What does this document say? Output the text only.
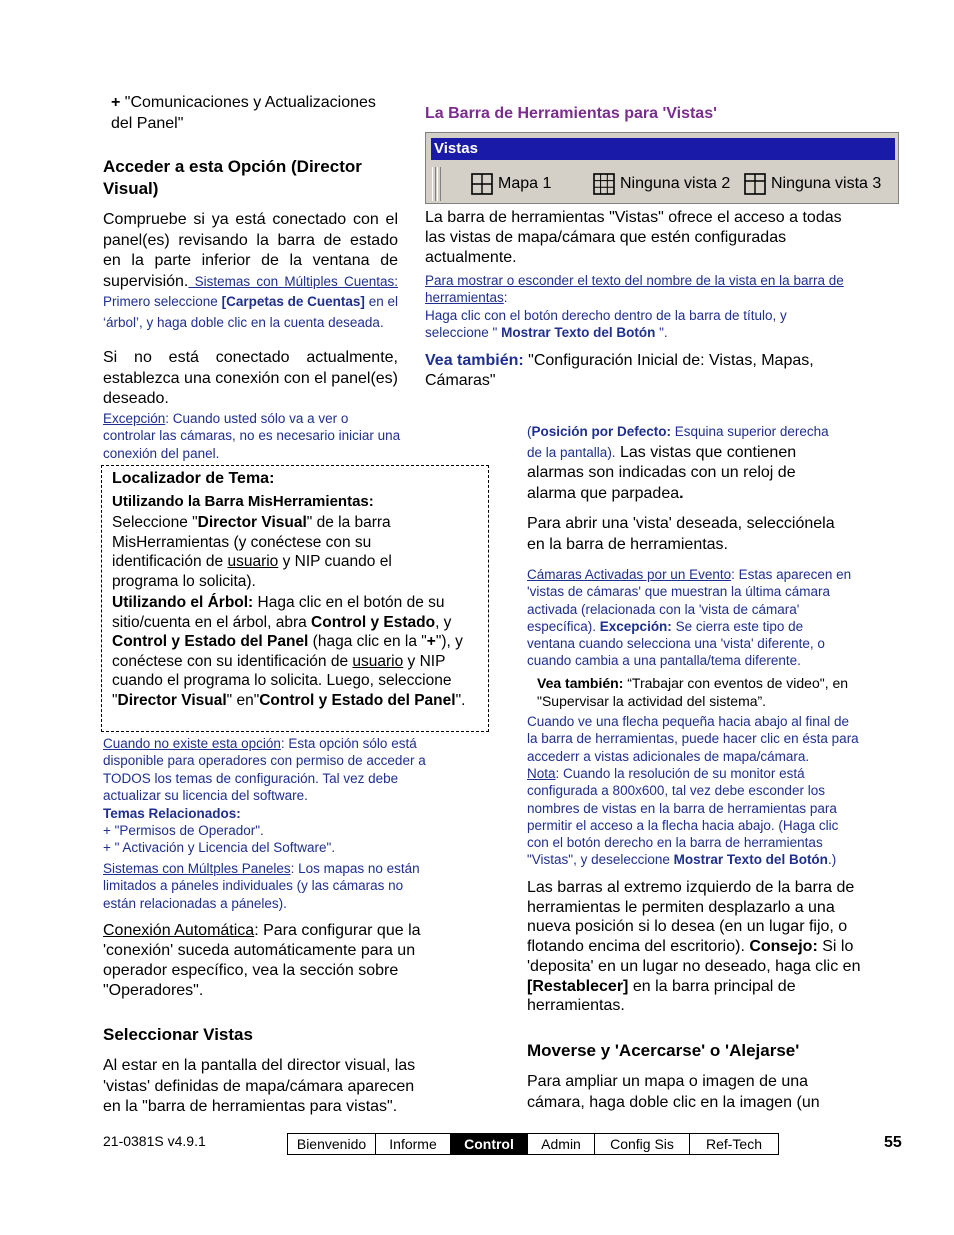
+ "Comunicaciones y Actualizaciones
del Panel"
Acceder a esta Opción (Director
Visual)
Compruebe si ya está conectado con el panel(es) revisando la barra de estado en la parte inferior de la ventana de supervisión. Sistemas con Múltiples Cuentas: Primero seleccione [Carpetas de Cuentas] en el ‘árbol’, y haga doble clic en la cuenta deseada.
Si no está conectado actualmente, establezca una conexión con el panel(es) deseado.
Excepción: Cuando usted sólo va a ver o
controlar las cámaras, no es necesario iniciar una
conexión del panel.
Localizador de Tema:
Utilizando la Barra MisHerramientas:
Seleccione "Director Visual" de la barra MisHerramientas (y conéctese con su identificación de usuario y NIP cuando el programa lo solicita).
Utilizando el Árbol: Haga clic en el botón de su sitio/cuenta en el árbol, abra Control y Estado, y Control y Estado del Panel (haga clic en la "+"), y conéctese con su identificación de usuario y NIP cuando el programa lo solicita. Luego, seleccione "Director Visual" en"Control y Estado del Panel".
Cuando no existe esta opción: Esta opción sólo está
disponible para operadores con permiso de acceder a
TODOS los temas de configuración. Tal vez debe
actualizar su licencia del software.
Temas Relacionados:
+ "Permisos de Operador".
+ " Activación y Licencia del Software".
Sistemas con Múltples Paneles: Los mapas no están
limitados a páneles individuales (y las cámaras no
están relacionadas a páneles).
Conexión Automática: Para configurar que la
'conexión' suceda automáticamente para un
operador específico, vea la sección sobre
"Operadores".
Seleccionar Vistas
Al estar en la pantalla del director visual, las
'vistas' definidas de mapa/cámara aparecen
en la "barra de herramientas para vistas".
La Barra de Herramientas para 'Vistas'
Vistas
Mapa 1	Ninguna vista 2	Ninguna vista 3
La barra de herramientas "Vistas" ofrece el acceso a todas
las vistas de mapa/cámara que estén configuradas
actualmente.
Para mostrar o esconder el texto del nombre de la vista en la barra de
herramientas:
Haga clic con el botón derecho dentro de la barra de título, y
seleccione " Mostrar Texto del Botón ".
Vea también: "Configuración Inicial de: Vistas, Mapas,
Cámaras"
(Posición por Defecto: Esquina superior derecha
de la pantalla). Las vistas que contienen
alarmas son indicadas con un reloj de
alarma que parpadea.
Para abrir una 'vista' deseada, selecciónela
en la barra de herramientas.
Cámaras Activadas por un Evento: Estas aparecen en
'vistas de cámaras' que muestran la última cámara
activada (relacionada con la 'vista de cámara'
específica). Excepción: Se cierra este tipo de
ventana cuando selecciona una 'vista' diferente, o
cuando cambia a una pantalla/tema diferente.
Vea también: “Trabajar con eventos de video", en
"Supervisar la actividad del sistema”.
Cuando ve una flecha pequeña hacia abajo al final de
la barra de herramientas, puede hacer clic en ésta para
accederr a vistas adicionales de mapa/cámara.
Nota: Cuando la resolución de su monitor está
configurada a 800x600, tal vez debe esconder los
nombres de vistas en la barra de herramientas para
permitir el acceso a la flecha hacia abajo. (Haga clic
con el botón derecho en la barra de herramientas
"Vistas", y deseleccione Mostrar Texto del Botón.)
Las barras al extremo izquierdo de la barra de
herramientas le permiten desplazarlo a una
nueva posición si lo desea (en un lugar fijo, o
flotando encima del escritorio). Consejo: Si lo
'deposita' en un lugar no deseado, haga clic en
[Restablecer] en la barra principal de
herramientas.
Moverse y 'Acercarse' o 'Alejarse'
Para ampliar un mapa o imagen de una
cámara, haga doble clic en la imagen (un
21-0381S v4.9.1	Bienvenido	Informe	Control	Admin	Config Sis	Ref-Tech	55
